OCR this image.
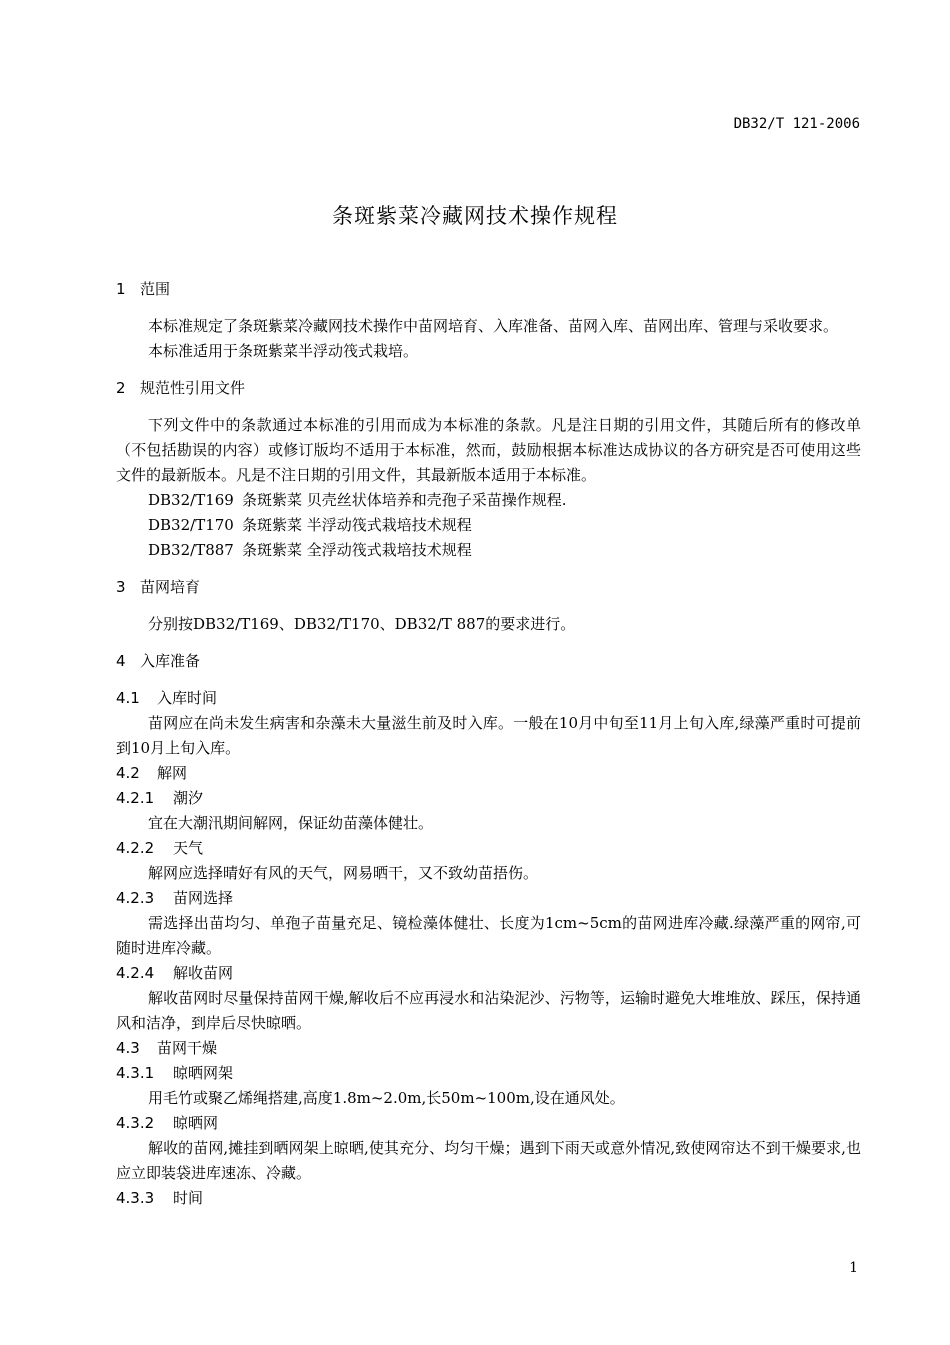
DB32/T 121-2006
条斑紫菜冷藏网技术操作规程
1 范围

本标准规定了条斑紫菜冷藏网技术操作中苗网培育、入库准备、苗网入库、苗网出库、管理与采收要求。

本标准适用于条斑紫菜半浮动筏式栽培。

2 规范性引用文件

下列文件中的条款通过本标准的引用而成为本标准的条款。凡是注日期的引用文件，其随后所有的修改单（不包括勘误的内容）或修订版均不适用于本标准，然而，鼓励根据本标准达成协议的各方研究是否可使用这些文件的最新版本。凡是不注日期的引用文件，其最新版本适用于本标准。

DB32/T169 条斑紫菜 贝壳丝状体培养和壳孢子采苗操作规程.

DB32/T170 条斑紫菜 半浮动筏式栽培技术规程

DB32/T887 条斑紫菜 全浮动筏式栽培技术规程

3 苗网培育

分别按DB32/T169、DB32/T170、DB32/T 887的要求进行。

4 入库准备
4.1 入库时间

苗网应在尚未发生病害和杂藻未大量滋生前及时入库。一般在10月中旬至11月上旬入库,绿藻严重时可提前到10月上旬入库。

4.2 解网
4.2.1 潮汐

宜在大潮汛期间解网，保证幼苗藻体健壮。

4.2.2 天气

解网应选择晴好有风的天气，网易晒干，又不致幼苗捂伤。

4.2.3 苗网选择

需选择出苗均匀、单孢子苗量充足、镜检藻体健壮、长度为1cm~5cm的苗网进库冷藏.绿藻严重的网帘,可随时进库冷藏。

4.2.4 解收苗网

解收苗网时尽量保持苗网干燥,解收后不应再浸水和沾染泥沙、污物等，运输时避免大堆堆放、踩压，保持通风和洁净，到岸后尽快晾晒。

4.3 苗网干燥
4.3.1 晾晒网架

用毛竹或聚乙烯绳搭建,高度1.8m~2.0m,长50m~100m,设在通风处。

4.3.2 晾晒网

解收的苗网,摊挂到晒网架上晾晒,使其充分、均匀干燥；遇到下雨天或意外情况,致使网帘达不到干燥要求,也应立即装袋进库速冻、冷藏。

4.3.3 时间
1
